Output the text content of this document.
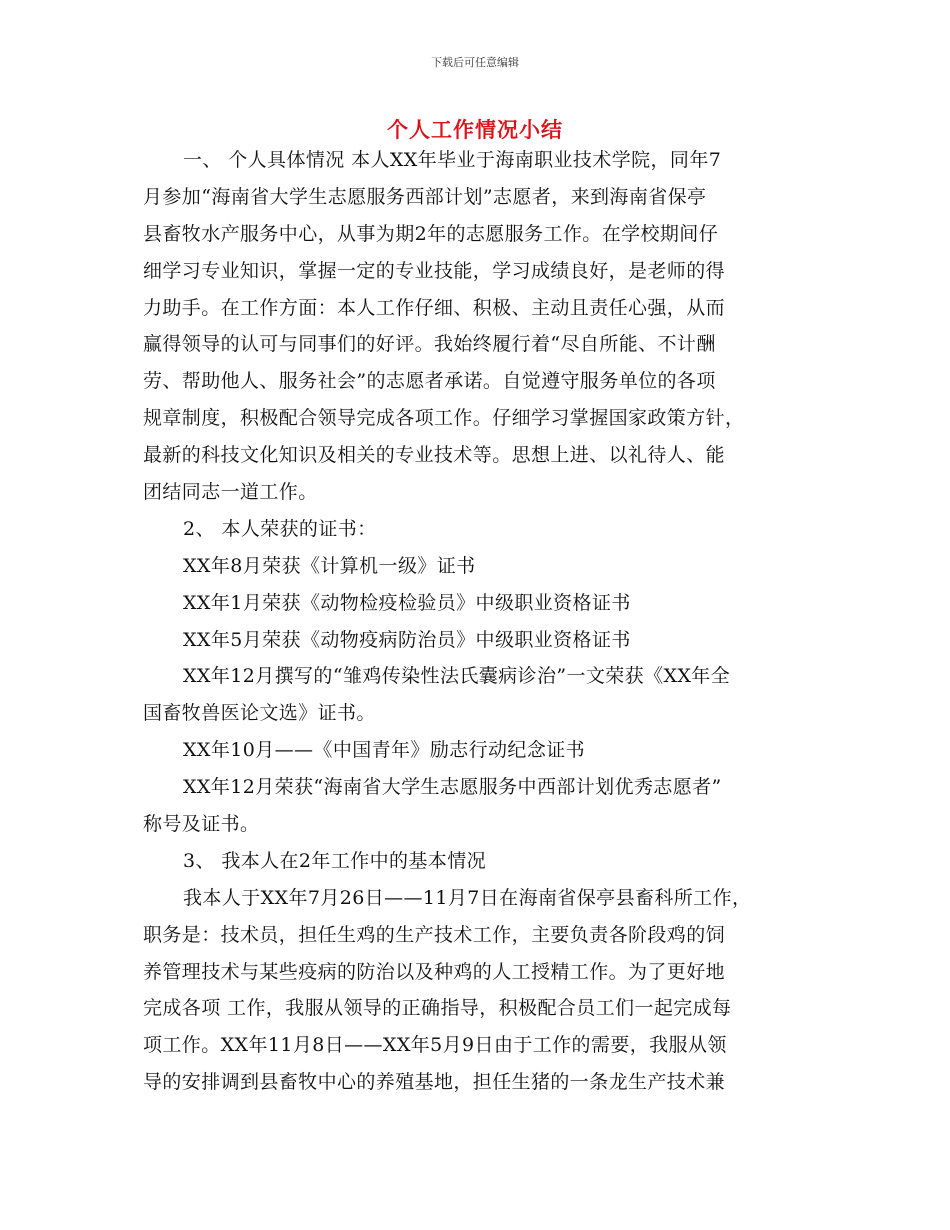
下载后可任意编辑
个人工作情况小结
一、 个人具体情况 本人XX年毕业于海南职业技术学院，同年7
月参加“海南省大学生志愿服务西部计划”志愿者，来到海南省保亭
县畜牧水产服务中心，从事为期2年的志愿服务工作。在学校期间仔
细学习专业知识，掌握一定的专业技能，学习成绩良好，是老师的得
力助手。在工作方面：本人工作仔细、积极、主动且责任心强，从而
赢得领导的认可与同事们的好评。我始终履行着“尽自所能、不计酬
劳、帮助他人、服务社会”的志愿者承诺。自觉遵守服务单位的各项
规章制度，积极配合领导完成各项工作。仔细学习掌握国家政策方针，
最新的科技文化知识及相关的专业技术等。思想上进、以礼待人、能
团结同志一道工作。
2、 本人荣获的证书：
XX年8月荣获《计算机一级》证书
XX年1月荣获《动物检疫检验员》中级职业资格证书
XX年5月荣获《动物疫病防治员》中级职业资格证书
XX年12月撰写的“雏鸡传染性法氏囊病诊治”一文荣获《XX年全
国畜牧兽医论文选》证书。
XX年10月——《中国青年》励志行动纪念证书
XX年12月荣获“海南省大学生志愿服务中西部计划优秀志愿者”
称号及证书。
3、 我本人在2年工作中的基本情况
我本人于XX年7月26日——11月7日在海南省保亭县畜科所工作，
职务是：技术员，担任生鸡的生产技术工作，主要负责各阶段鸡的饲
养管理技术与某些疫病的防治以及种鸡的人工授精工作。为了更好地
完成各项 工作，我服从领导的正确指导，积极配合员工们一起完成每
项工作。XX年11月8日——XX年5月9日由于工作的需要，我服从领
导的安排调到县畜牧中心的养殖基地，担任生猪的一条龙生产技术兼
